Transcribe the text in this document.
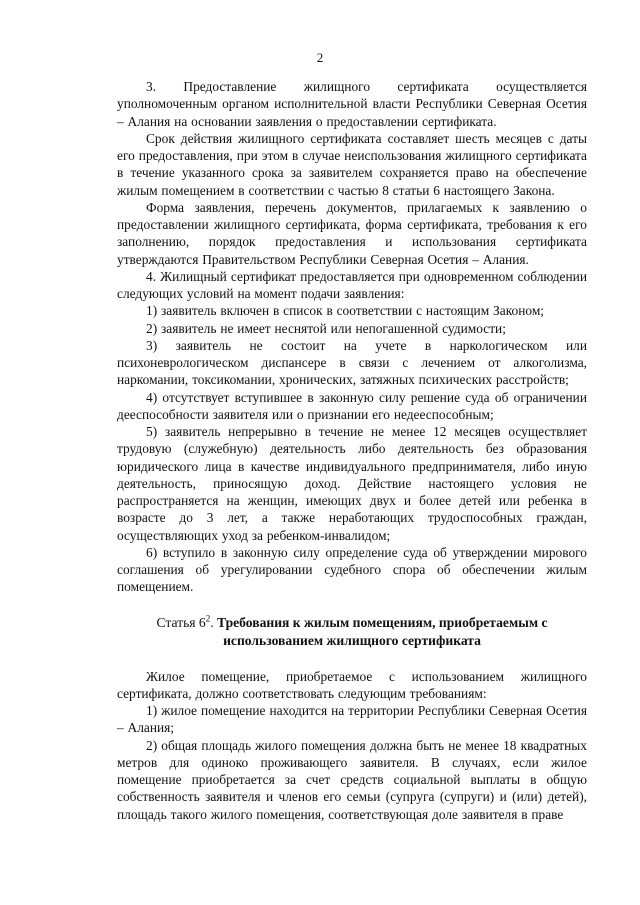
2

3. Предоставление жилищного сертификата осуществляется уполномоченным органом исполнительной власти Республики Северная Осетия – Алания на основании заявления о предоставлении сертификата.

Срок действия жилищного сертификата составляет шесть месяцев с даты его предоставления, при этом в случае неиспользования жилищного сертификата в течение указанного срока за заявителем сохраняется право на обеспечение жилым помещением в соответствии с частью 8 статьи 6 настоящего Закона.

Форма заявления, перечень документов, прилагаемых к заявлению о предоставлении жилищного сертификата, форма сертификата, требования к его заполнению, порядок предоставления и использования сертификата утверждаются Правительством Республики Северная Осетия – Алания.

4. Жилищный сертификат предоставляется при одновременном соблюдении следующих условий на момент подачи заявления:

1) заявитель включен в список в соответствии с настоящим Законом;

2) заявитель не имеет неснятой или непогашенной судимости;

3) заявитель не состоит на учете в наркологическом или психоневрологическом диспансере в связи с лечением от алкоголизма, наркомании, токсикомании, хронических, затяжных психических расстройств;

4) отсутствует вступившее в законную силу решение суда об ограничении дееспособности заявителя или о признании его недееспособным;

5) заявитель непрерывно в течение не менее 12 месяцев осуществляет трудовую (служебную) деятельность либо деятельность без образования юридического лица в качестве индивидуального предпринимателя, либо иную деятельность, приносящую доход. Действие настоящего условия не распространяется на женщин, имеющих двух и более детей или ребенка в возрасте до 3 лет, а также неработающих трудоспособных граждан, осуществляющих уход за ребенком-инвалидом;

6) вступило в законную силу определение суда об утверждении мирового соглашения об урегулировании судебного спора об обеспечении жилым помещением.

Статья $6^2$. Требования к жилым помещениям, приобретаемым с использованием жилищного сертификата

Жилое помещение, приобретаемое с использованием жилищного сертификата, должно соответствовать следующим требованиям:

1) жилое помещение находится на территории Республики Северная Осетия – Алания;

2) общая площадь жилого помещения должна быть не менее 18 квадратных метров для одиноко проживающего заявителя. В случаях, если жилое помещение приобретается за счет средств социальной выплаты в общую собственность заявителя и членов его семьи (супруга (супруги) и (или) детей), площадь такого жилого помещения, соответствующая доле заявителя в праве
